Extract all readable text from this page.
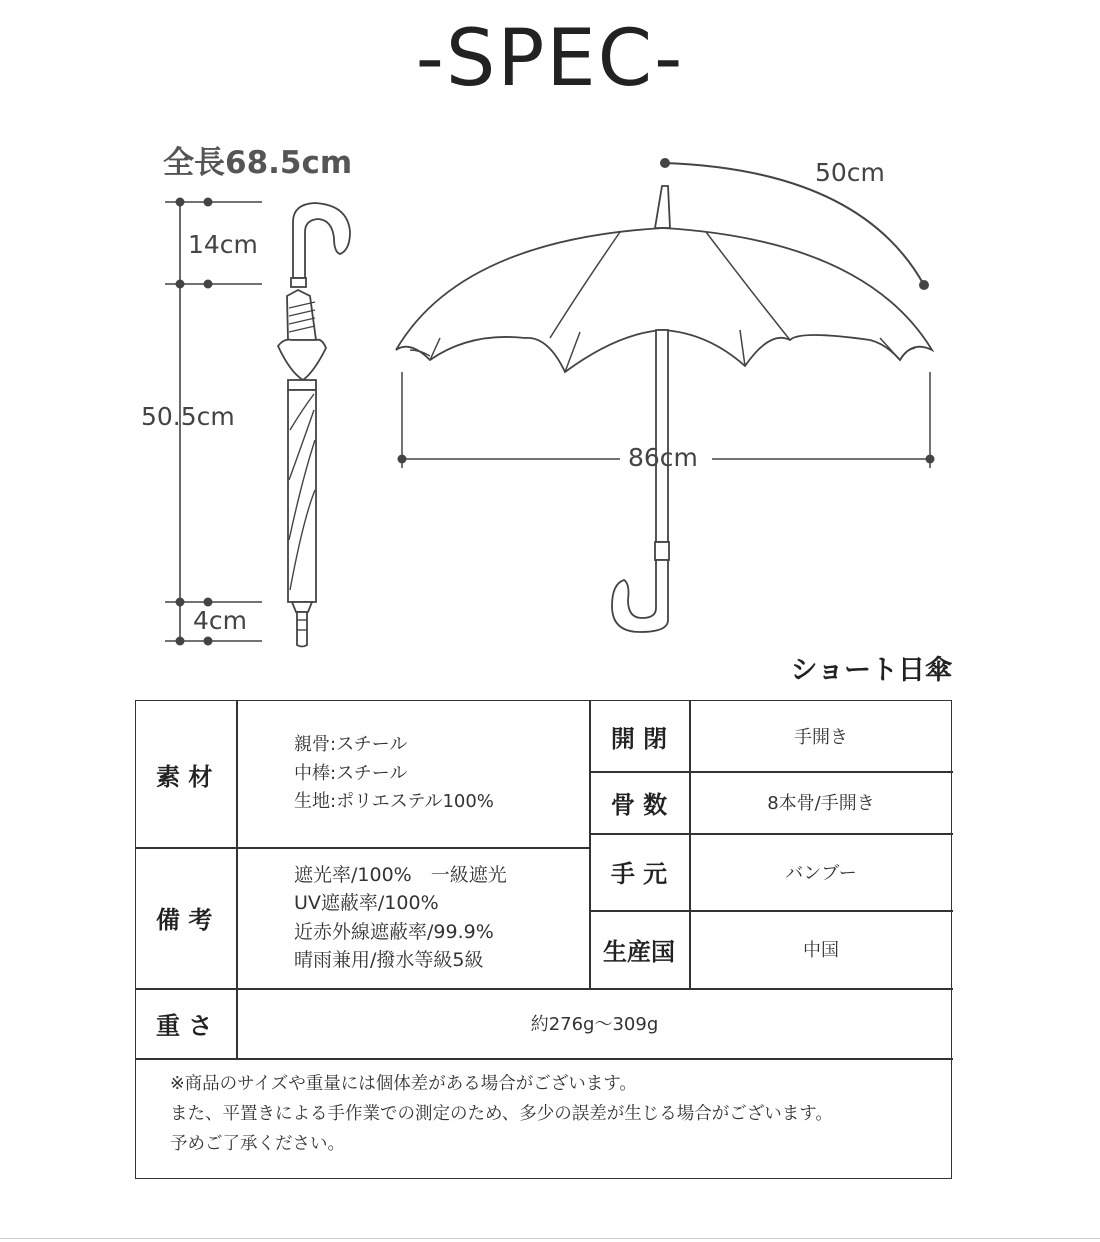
-SPEC-
全長68.5cm
14cm
50.5cm
4cm
50cm
86cm
ショート日傘
素 材
親骨:スチール
中棒:スチール
生地:ポリエステル100%
備 考
遮光率/100%　一級遮光
UV遮蔽率/100%
近赤外線遮蔽率/99.9%
晴雨兼用/撥水等級5級
開 閉	手開き
骨 数	8本骨/手開き
手 元	バンブー
生産国	中国
重 さ	約276g～309g
※商品のサイズや重量には個体差がある場合がございます。
また、平置きによる手作業での測定のため、多少の誤差が生じる場合がございます。
予めご了承ください。
